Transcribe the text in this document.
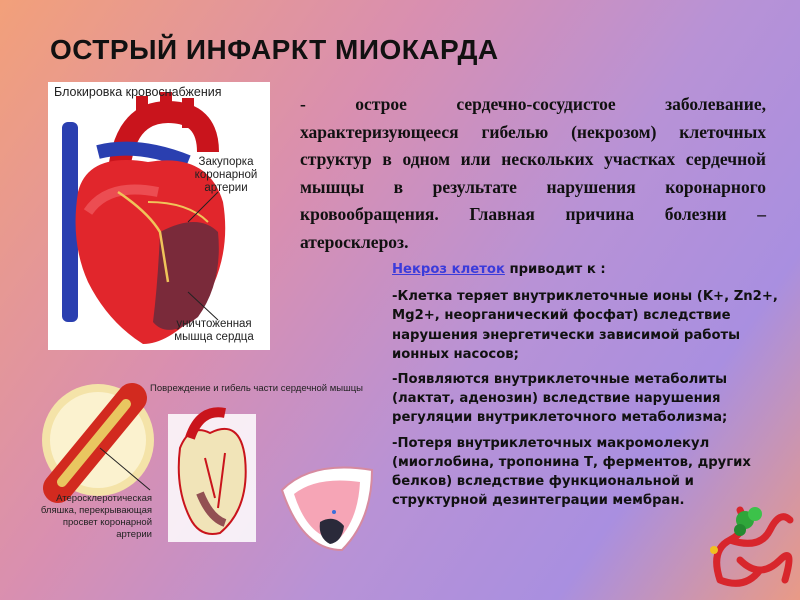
ОСТРЫЙ ИНФАРКТ МИОКАРДА
Блокировка кровоснабжения
Закупорка коронарной артерии
уничтоженная мышца сердца
- острое сердечно-сосудистое заболевание, характеризующееся гибелью (некрозом) клеточных структур в одном или нескольких участках сердечной мышцы в результате нарушения коронарного кровообращения. Главная причина болезни – атеросклероз.

Некроз клеток приводит к :

-Клетка теряет внутриклеточные ионы (K+, Zn2+, Mg2+, неорганический фосфат) вследствие нарушения энергетически зависимой работы ионных насосов;

-Появляются внутриклеточные метаболиты (лактат, аденозин) вследствие нарушения регуляции внутриклеточного метаболизма;

-Потеря внутриклеточных макромолекул (миоглобина, тропонина Т, ферментов, других белков) вследствие функциональной и структурной дезинтеграции мембран.

Повреждение и гибель части сердечной мышцы
Атеросклеротическая бляшка, перекрывающая просвет коронарной артерии
